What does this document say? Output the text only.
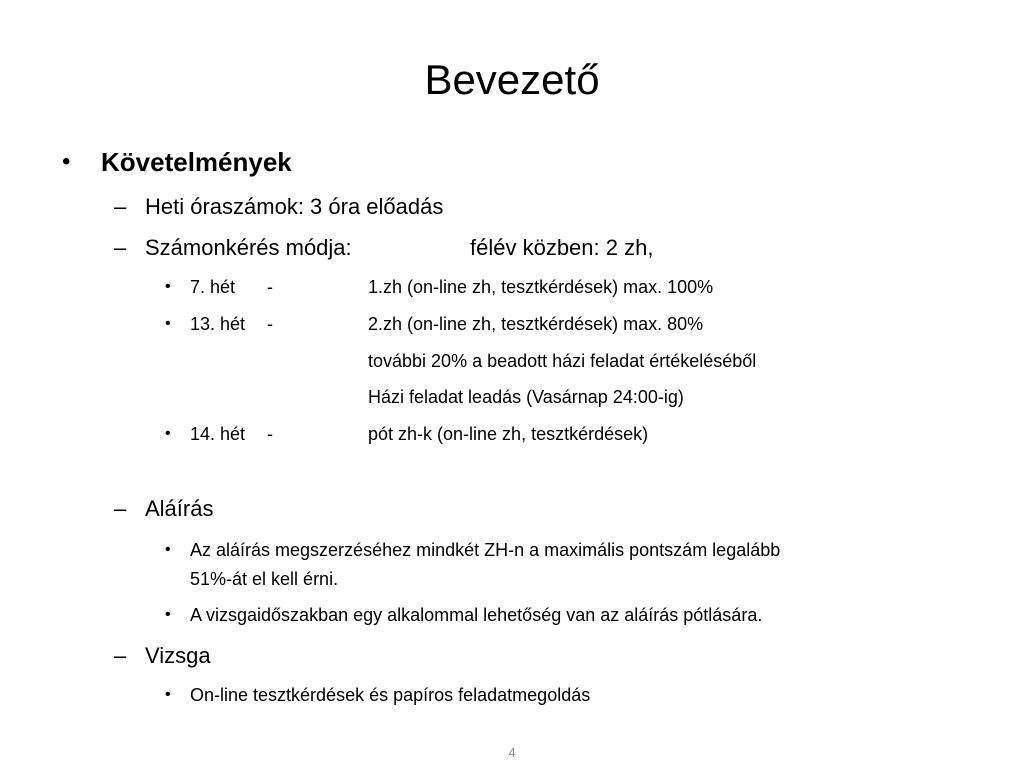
Bevezető
• Követelmények
– Heti óraszámok: 3 óra előadás
– Számonkérés módja:	félév közben: 2 zh,
• 7. hét -	1.zh (on-line zh, tesztkérdések) max. 100%
• 13. hét -	2.zh (on-line zh, tesztkérdések) max. 80%
további 20% a beadott házi feladat értékeléséből
Házi feladat leadás (Vasárnap 24:00-ig)
• 14. hét -	pót zh-k (on-line zh, tesztkérdések)
– Aláírás
• Az aláírás megszerzéséhez mindkét ZH-n a maximális pontszám legalább
51%-át el kell érni.
• A vizsgaidőszakban egy alkalommal lehetőség van az aláírás pótlására.
– Vizsga
• On-line tesztkérdések és papíros feladatmegoldás
4
